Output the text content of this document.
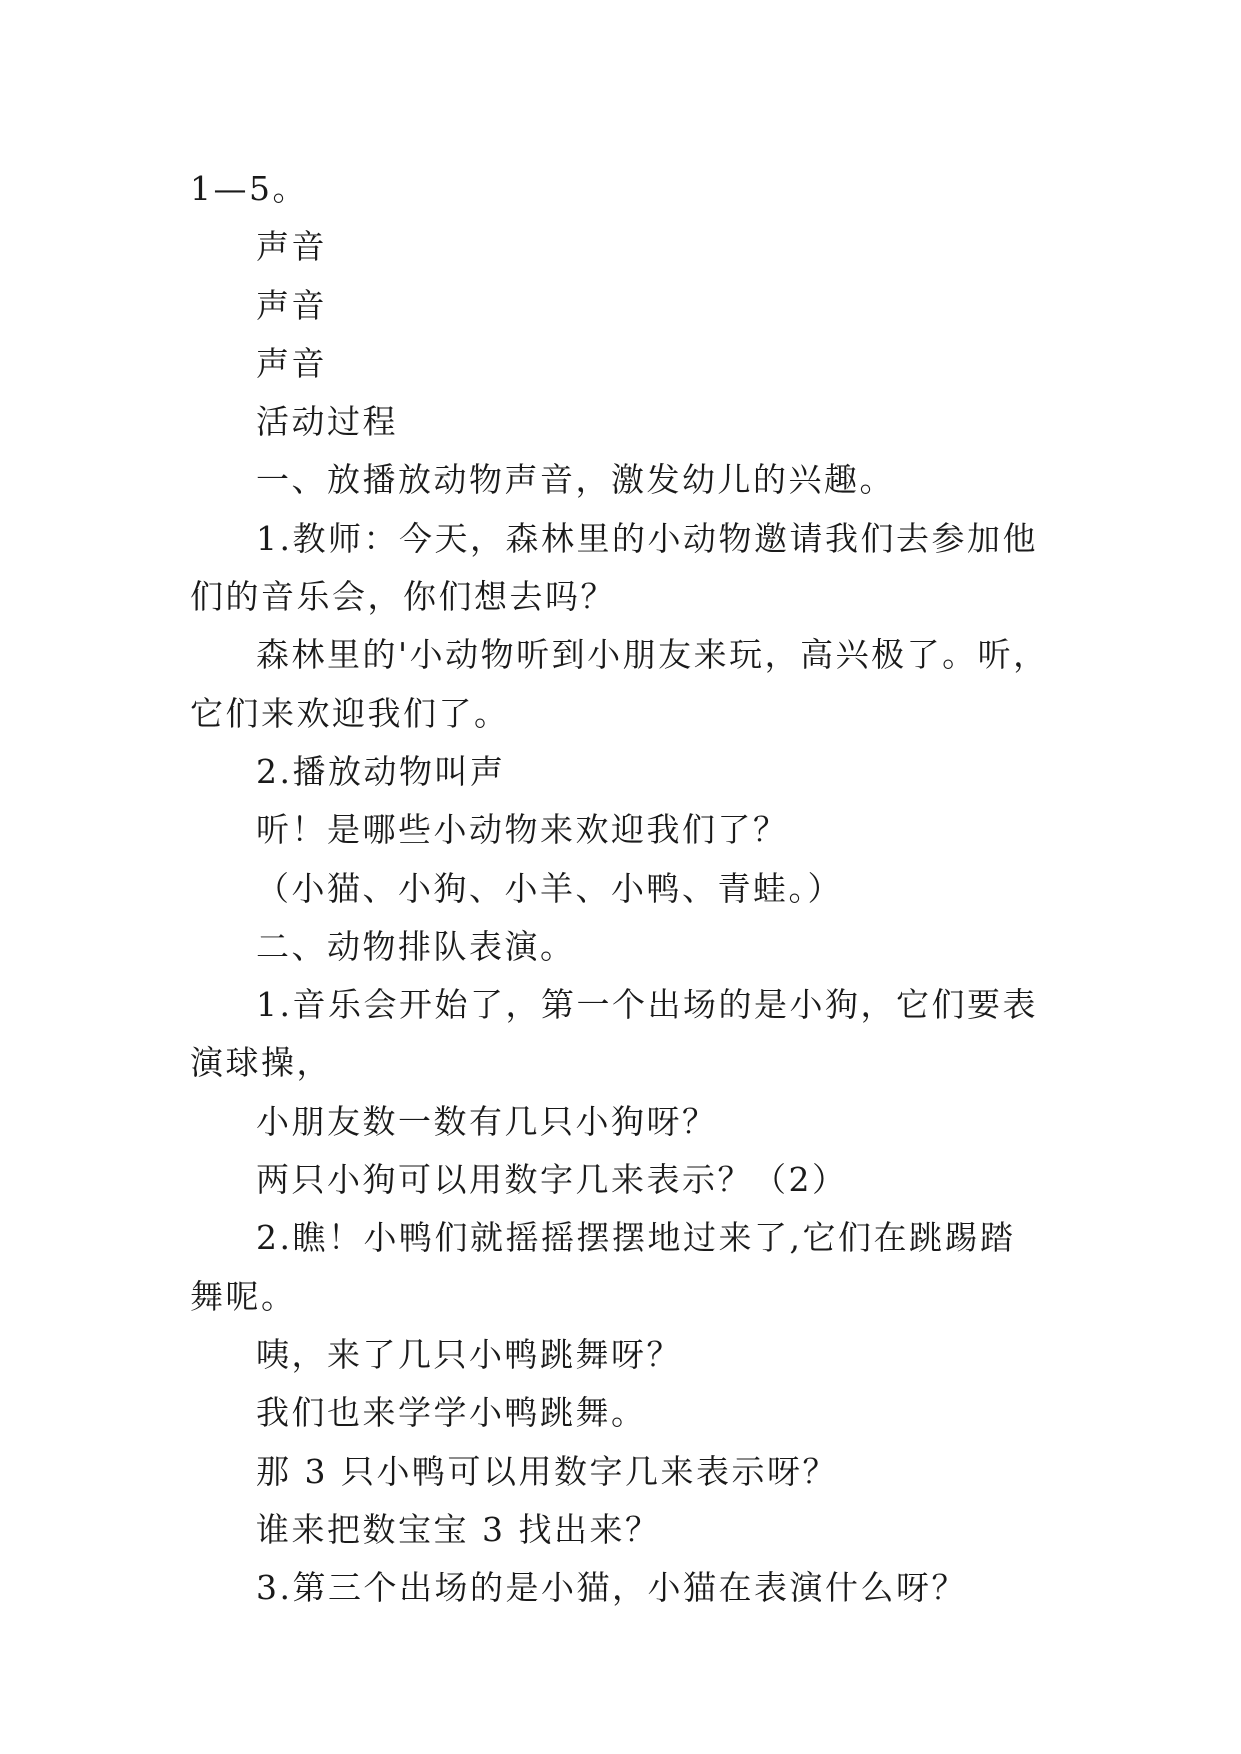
1—5。

声音

声音

声音

活动过程

一、放播放动物声音，激发幼儿的兴趣。

1.教师：今天，森林里的小动物邀请我们去参加他们的音乐会，你们想去吗？

森林里的'小动物听到小朋友来玩，高兴极了。听，它们来欢迎我们了。

2.播放动物叫声

听！是哪些小动物来欢迎我们了？

（小猫、小狗、小羊、小鸭、青蛙。）

二、动物排队表演。

1.音乐会开始了，第一个出场的是小狗，它们要表演球操，

小朋友数一数有几只小狗呀？

两只小狗可以用数字几来表示？（2）

2.瞧！小鸭们就摇摇摆摆地过来了,它们在跳踢踏舞呢。

咦，来了几只小鸭跳舞呀？

我们也来学学小鸭跳舞。

那 3 只小鸭可以用数字几来表示呀？

谁来把数宝宝 3 找出来？

3.第三个出场的是小猫，小猫在表演什么呀？
